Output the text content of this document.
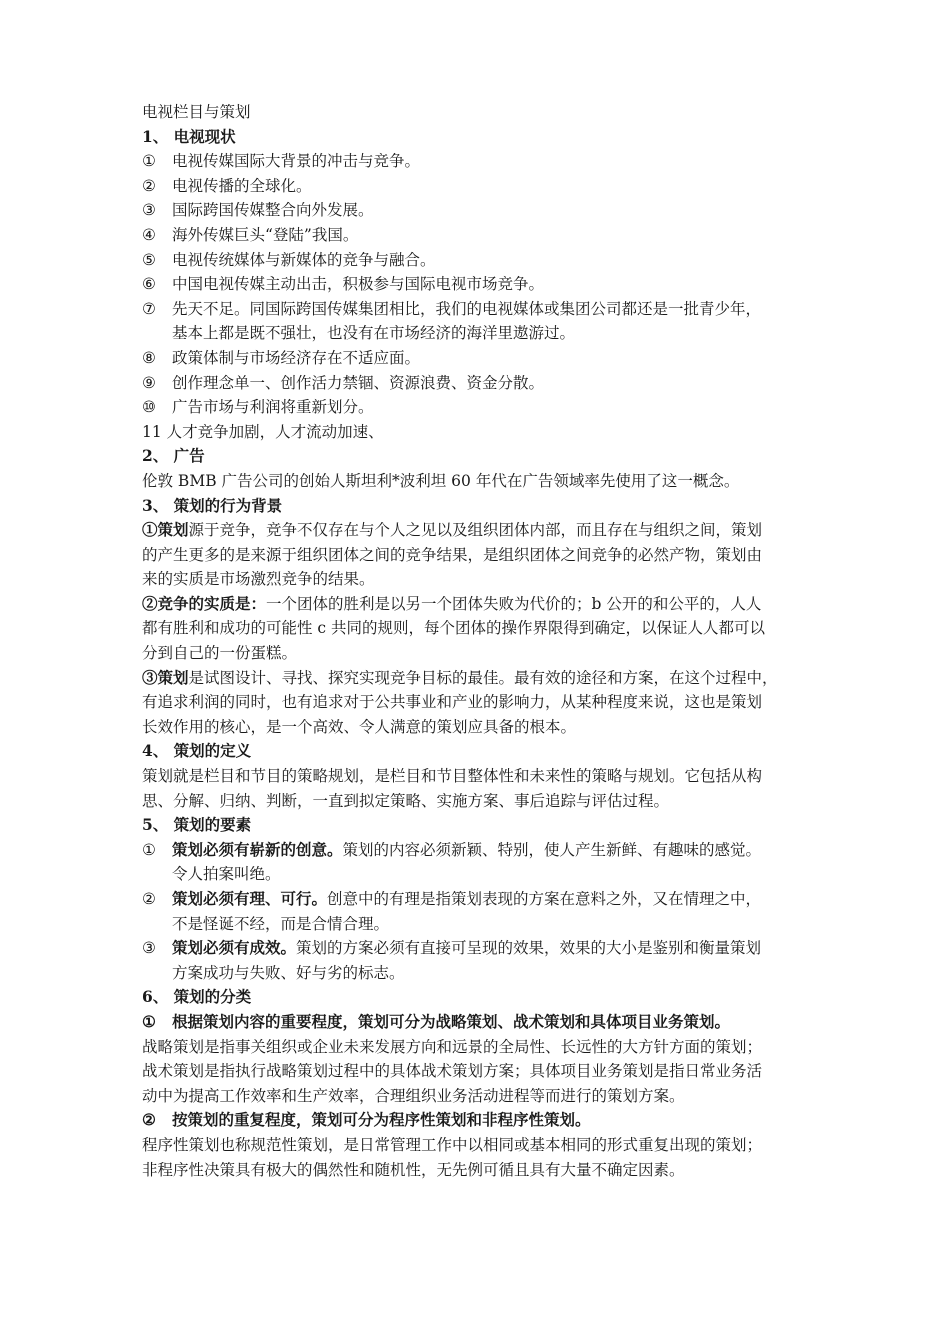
电视栏目与策划
1、 电视现状
①	电视传媒国际大背景的冲击与竞争。
②	电视传播的全球化。
③	国际跨国传媒整合向外发展。
④	海外传媒巨头“登陆”我国。
⑤	电视传统媒体与新媒体的竞争与融合。
⑥	中国电视传媒主动出击，积极参与国际电视市场竞争。
⑦	先天不足。同国际跨国传媒集团相比，我们的电视媒体或集团公司都还是一批青少年，
基本上都是既不强壮，也没有在市场经济的海洋里遨游过。
⑧	政策体制与市场经济存在不适应面。
⑨	创作理念单一、创作活力禁锢、资源浪费、资金分散。
⑩	广告市场与利润将重新划分。
11 人才竞争加剧，人才流动加速、
2、 广告
伦敦 BMB 广告公司的创始人斯坦利*波利坦 60 年代在广告领域率先使用了这一概念。
3、 策划的行为背景
①策划源于竞争，竞争不仅存在与个人之见以及组织团体内部，而且存在与组织之间，策划
的产生更多的是来源于组织团体之间的竞争结果，是组织团体之间竞争的必然产物，策划由
来的实质是市场激烈竞争的结果。
②竞争的实质是：一个团体的胜利是以另一个团体失败为代价的；b 公开的和公平的，人人
都有胜利和成功的可能性 c 共同的规则，每个团体的操作界限得到确定，以保证人人都可以
分到自己的一份蛋糕。
③策划是试图设计、寻找、探究实现竞争目标的最佳。最有效的途径和方案，在这个过程中，
有追求利润的同时，也有追求对于公共事业和产业的影响力，从某种程度来说，这也是策划
长效作用的核心，是一个高效、令人满意的策划应具备的根本。
4、 策划的定义
策划就是栏目和节目的策略规划，是栏目和节目整体性和未来性的策略与规划。它包括从构
思、分解、归纳、判断，一直到拟定策略、实施方案、事后追踪与评估过程。
5、 策划的要素
①	策划必须有崭新的创意。策划的内容必须新颖、特别，使人产生新鲜、有趣味的感觉。
令人拍案叫绝。
②	策划必须有理、可行。创意中的有理是指策划表现的方案在意料之外，又在情理之中，
不是怪诞不经，而是合情合理。
③	策划必须有成效。策划的方案必须有直接可呈现的效果，效果的大小是鉴别和衡量策划
方案成功与失败、好与劣的标志。
6、 策划的分类
①	根据策划内容的重要程度，策划可分为战略策划、战术策划和具体项目业务策划。
战略策划是指事关组织或企业未来发展方向和远景的全局性、长远性的大方针方面的策划；
战术策划是指执行战略策划过程中的具体战术策划方案；具体项目业务策划是指日常业务活
动中为提高工作效率和生产效率，合理组织业务活动进程等而进行的策划方案。
②	按策划的重复程度，策划可分为程序性策划和非程序性策划。
程序性策划也称规范性策划，是日常管理工作中以相同或基本相同的形式重复出现的策划；
非程序性决策具有极大的偶然性和随机性，无先例可循且具有大量不确定因素。
